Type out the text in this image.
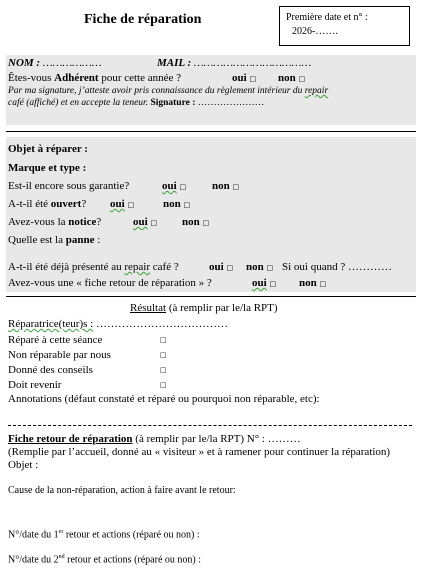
Fiche de réparation	Première date et n° :
2026-…….
NOM : ………………	MAIL : ………………………………
Êtes-vous Adhérent pour cette année ?	oui □ non □
Par ma signature, j’atteste avoir pris connaissance du règlement intérieur du repair
café (affiché) et en accepte la teneur. Signature : …………………
Objet à réparer :
Marque et type :
Est-il encore sous garantie?	oui □ non □
A-t-il été ouvert? oui □	non □
Avez-vous la notice?	oui □ non □
Quelle est la panne :
A-t-il été déjà présenté au repair café ?	oui □ non □ Si oui quand ? …………
Avez-vous une « fiche retour de réparation » ?	oui □ non □
Résultat (à remplir par le/la RPT)
Réparatrice(teur)s : ………………………………
Réparé à cette séance	□
Non réparable par nous	□
Donné des conseils	□
Doit revenir	□
Annotations (défaut constaté et réparé ou pourquoi non réparable, etc):
Fiche retour de réparation (à remplir par le/la RPT) N° : ………
(Remplie par l’accueil, donné au « visiteur » et à ramener pour continuer la réparation)
Objet :
Cause de la non-réparation, action à faire avant le retour:
N°/date du 1er retour et actions (réparé ou non) :
N°/date du 2nd retour et actions (réparé ou non) :
